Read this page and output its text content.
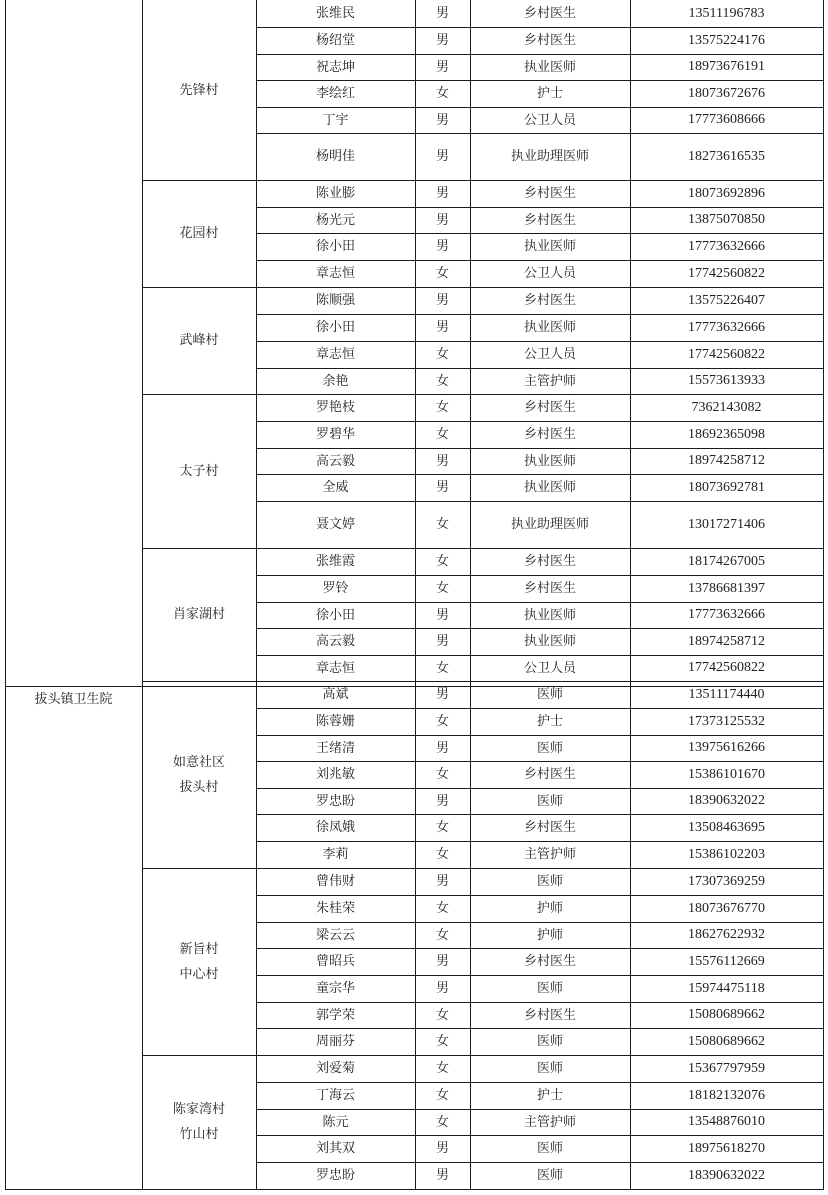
张维民	男	乡村医生	13511196783
杨绍堂	男	乡村医生	13575224176
祝志坤	男	执业医师	18973676191
李绘红	女	护士	18073672676
丁宇	男	公卫人员	17773608666
杨明佳	男	执业助理医师	18273616535
先锋村
陈业膨	男	乡村医生	18073692896
杨光元	男	乡村医生	13875070850
徐小田	男	执业医师	17773632666
章志恒	女	公卫人员	17742560822
花园村
陈顺强	男	乡村医生	13575226407
徐小田	男	执业医师	17773632666
章志恒	女	公卫人员	17742560822
余艳	女	主管护师	15573613933
武峰村
罗艳枝	女	乡村医生	7362143082
罗碧华	女	乡村医生	18692365098
高云毅	男	执业医师	18974258712
全威	男	执业医师	18073692781
聂文婷	女	执业助理医师	13017271406
太子村
张维霞	女	乡村医生	18174267005
罗铃	女	乡村医生	13786681397
徐小田	男	执业医师	17773632666
高云毅	男	执业医师	18974258712
章志恒	女	公卫人员	17742560822
肖家湖村
高斌	男	医师	13511174440
陈蓉姗	女	护士	17373125532
王绪清	男	医师	13975616266
刘兆敏	女	乡村医生	15386101670
罗忠盼	男	医师	18390632022
徐凤娥	女	乡村医生	13508463695
李莉	女	主管护师	15386102203
如意社区
拔头村
曾伟财	男	医师	17307369259
朱桂荣	女	护师	18073676770
梁云云	女	护师	18627622932
曾昭兵	男	乡村医生	15576112669
童宗华	男	医师	15974475118
郭学荣	女	乡村医生	15080689662
周丽芬	女	医师	15080689662
新旨村
中心村
刘爱菊	女	医师	15367797959
丁海云	女	护士	18182132076
陈元	女	主管护师	13548876010
刘其双	男	医师	18975618270
罗忠盼	男	医师	18390632022
陈家湾村
竹山村
拔头镇卫生院
